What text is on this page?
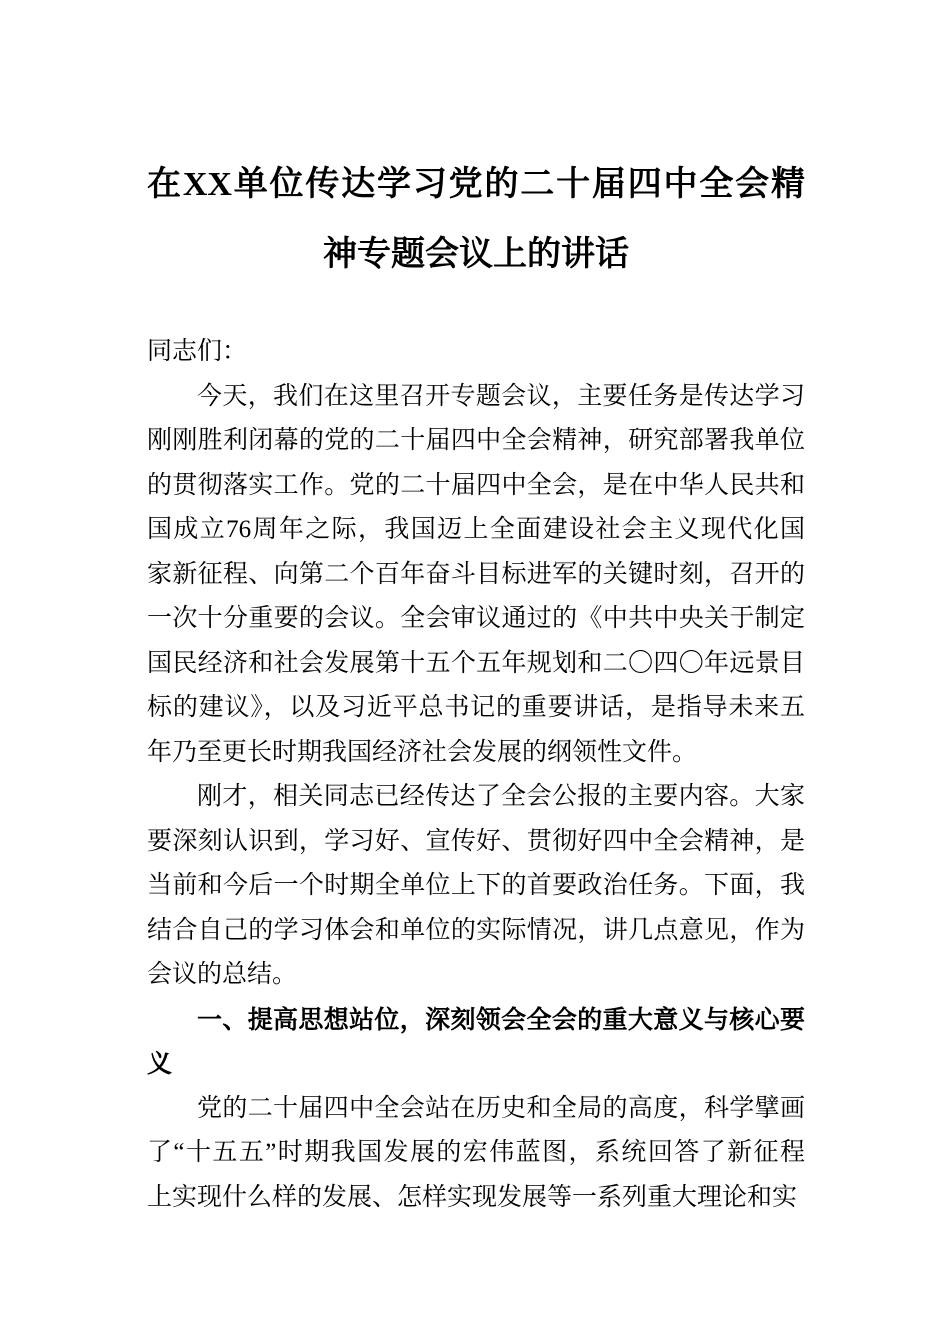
在XX单位传达学习党的二十届四中全会精
神专题会议上的讲话
同志们：
今天，我们在这里召开专题会议，主要任务是传达学习
刚刚胜利闭幕的党的二十届四中全会精神，研究部署我单位
的贯彻落实工作。党的二十届四中全会，是在中华人民共和
国成立76周年之际，我国迈上全面建设社会主义现代化国
家新征程、向第二个百年奋斗目标进军的关键时刻，召开的
一次十分重要的会议。全会审议通过的《中共中央关于制定
国民经济和社会发展第十五个五年规划和二〇四〇年远景目
标的建议》，以及习近平总书记的重要讲话，是指导未来五
年乃至更长时期我国经济社会发展的纲领性文件。
刚才，相关同志已经传达了全会公报的主要内容。大家
要深刻认识到，学习好、宣传好、贯彻好四中全会精神，是
当前和今后一个时期全单位上下的首要政治任务。下面，我
结合自己的学习体会和单位的实际情况，讲几点意见，作为
会议的总结。
一、提高思想站位，深刻领会全会的重大意义与核心要
义
党的二十届四中全会站在历史和全局的高度，科学擘画
了“十五五”时期我国发展的宏伟蓝图，系统回答了新征程
上实现什么样的发展、怎样实现发展等一系列重大理论和实
